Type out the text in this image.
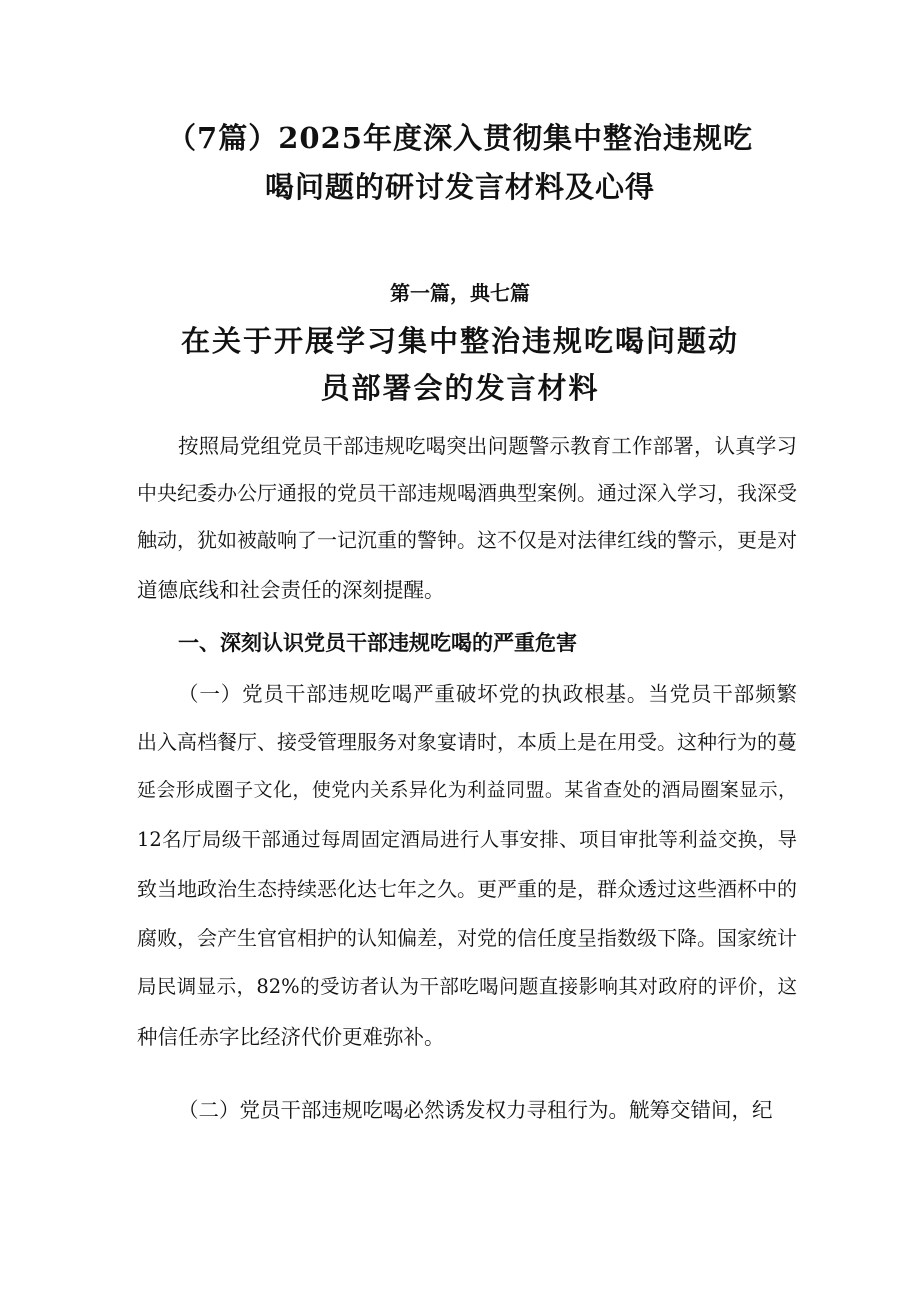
（7篇）2025年度深入贯彻集中整治违规吃
喝问题的研讨发言材料及心得
第一篇，典七篇
在关于开展学习集中整治违规吃喝问题动
员部署会的发言材料
按照局党组党员干部违规吃喝突出问题警示教育工作部署，认真学习
中央纪委办公厅通报的党员干部违规喝酒典型案例。通过深入学习，我深受
触动，犹如被敲响了一记沉重的警钟。这不仅是对法律红线的警示，更是对
道德底线和社会责任的深刻提醒。
一、深刻认识党员干部违规吃喝的严重危害
（一）党员干部违规吃喝严重破坏党的执政根基。当党员干部频繁
出入高档餐厅、接受管理服务对象宴请时，本质上是在用受。这种行为的蔓
延会形成圈子文化，使党内关系异化为利益同盟。某省查处的酒局圈案显示，
12名厅局级干部通过每周固定酒局进行人事安排、项目审批等利益交换，导
致当地政治生态持续恶化达七年之久。更严重的是，群众透过这些酒杯中的
腐败，会产生官官相护的认知偏差，对党的信任度呈指数级下降。国家统计
局民调显示，82%的受访者认为干部吃喝问题直接影响其对政府的评价，这
种信任赤字比经济代价更难弥补。
（二）党员干部违规吃喝必然诱发权力寻租行为。觥筹交错间，纪
